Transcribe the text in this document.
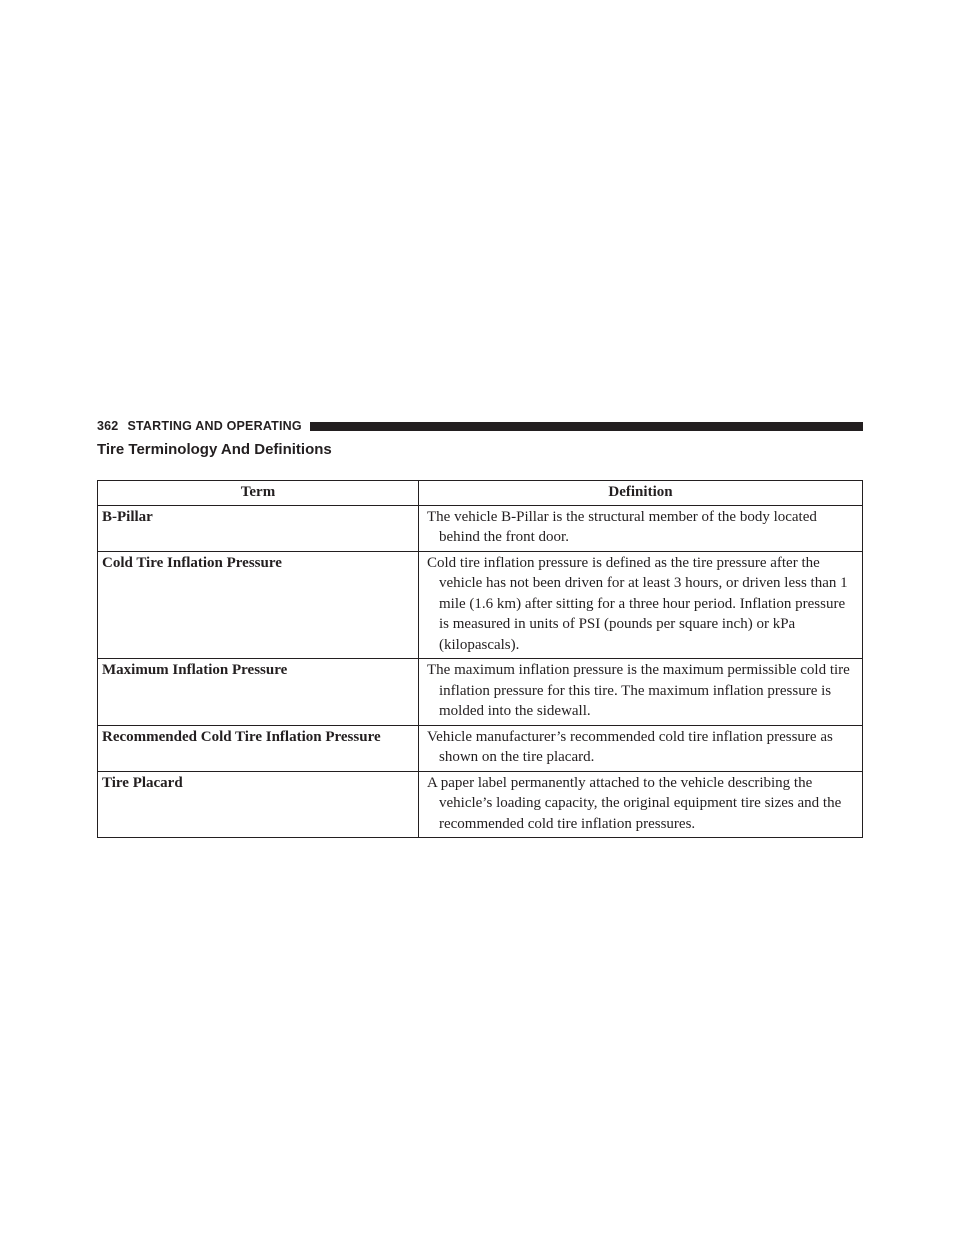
362 STARTING AND OPERATING
Tire Terminology And Definitions
Term	Definition
B-Pillar	The vehicle B-Pillar is the structural member of the body located behind the front door.

Cold Tire Inflation Pressure	Cold tire inflation pressure is defined as the tire pressure after the vehicle has not been driven for at least 3 hours, or driven less than 1 mile (1.6 km) after sitting for a three hour period. Inflation pressure is measured in units of PSI (pounds per square inch) or kPa (kilopascals).

Maximum Inflation Pressure	The maximum inflation pressure is the maximum permissible cold tire inflation pressure for this tire. The maximum inflation pressure is molded into the sidewall.

Recommended Cold Tire Inflation Pressure	Vehicle manufacturer’s recommended cold tire inflation pressure as shown on the tire placard.

Tire Placard	A paper label permanently attached to the vehicle describing the vehicle’s loading capacity, the original equipment tire sizes and the recommended cold tire inflation pressures.
